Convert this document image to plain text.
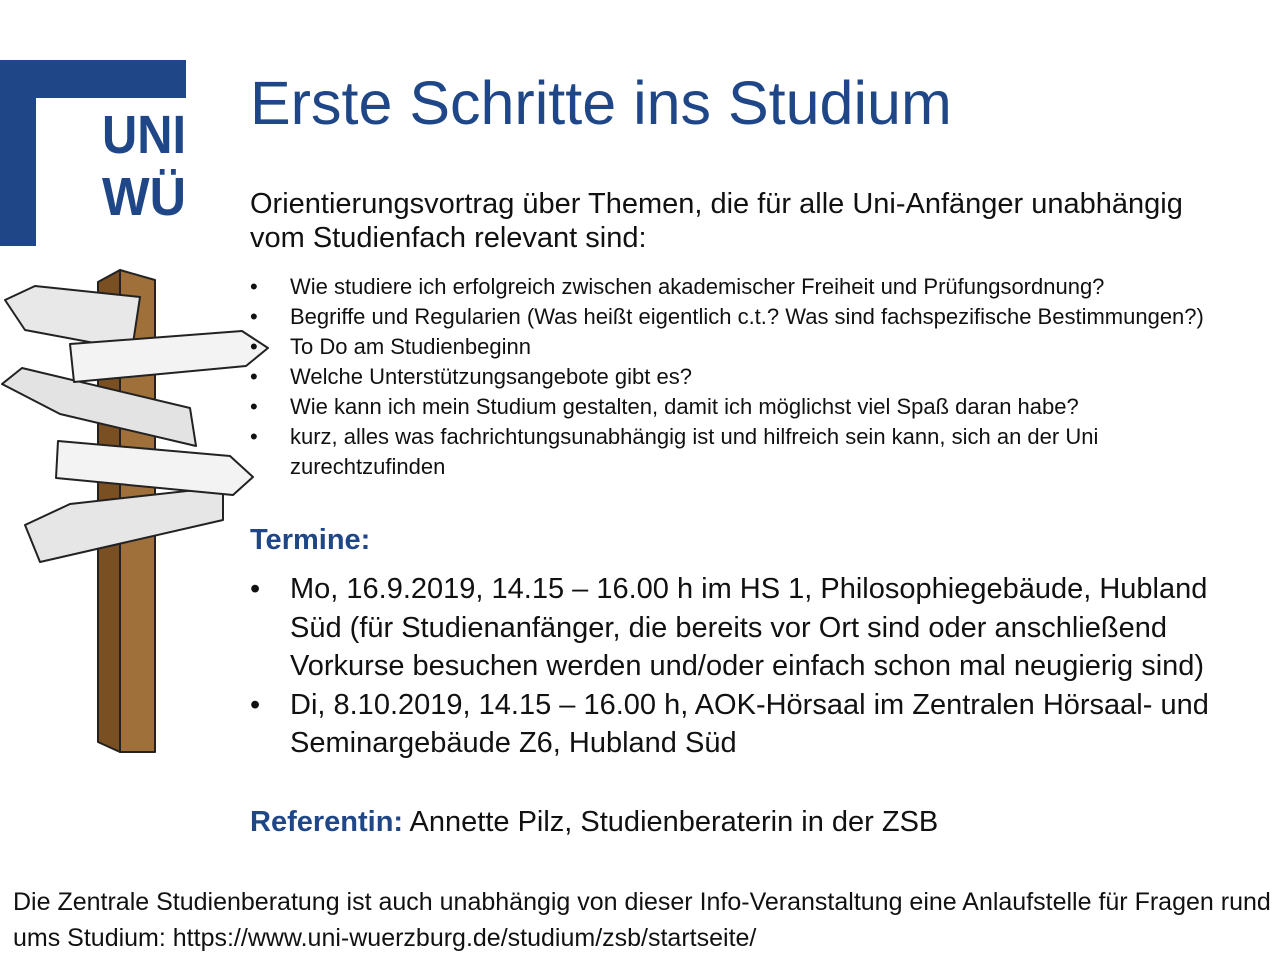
UNI
WÜ
Erste Schritte ins Studium

Orientierungsvortrag über Themen, die für alle Uni-Anfänger unabhängig vom Studienfach relevant sind:

• Wie studiere ich erfolgreich zwischen akademischer Freiheit und Prüfungsordnung?
• Begriffe und Regularien (Was heißt eigentlich c.t.? Was sind fachspezifische Bestimmungen?)
• To Do am Studienbeginn
• Welche Unterstützungsangebote gibt es?
• Wie kann ich mein Studium gestalten, damit ich möglichst viel Spaß daran habe?
• kurz, alles was fachrichtungsunabhängig ist und hilfreich sein kann, sich an der Uni zurechtzufinden
Termine:
• Mo, 16.9.2019, 14.15 – 16.00 h im HS 1, Philosophiegebäude, Hubland Süd (für Studienanfänger, die bereits vor Ort sind oder anschließend Vorkurse besuchen werden und/oder einfach schon mal neugierig sind)
• Di, 8.10.2019, 14.15 – 16.00 h, AOK-Hörsaal im Zentralen Hörsaal- und Seminargebäude Z6, Hubland Süd

Referentin: Annette Pilz, Studienberaterin in der ZSB

Die Zentrale Studienberatung ist auch unabhängig von dieser Info-Veranstaltung eine Anlaufstelle für Fragen rund ums Studium: https://www.uni-wuerzburg.de/studium/zsb/startseite/
